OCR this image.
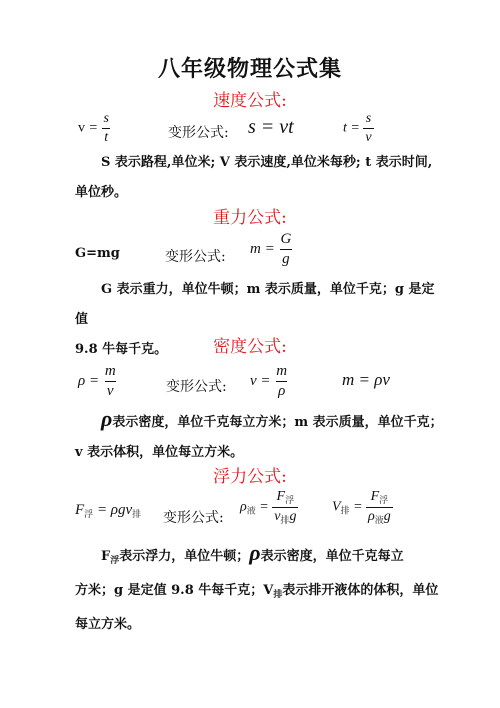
八年级物理公式集
速度公式:
$v = \frac{s}{t}$	变形公式: s = vt	$t = \frac{s}{v}$
S 表示路程,单位米; V 表示速度,单位米每秒; t 表示时间,
单位秒。
重力公式:
G=mg	变形公式:
$m = \frac{G}{g}$
G 表示重力，单位牛顿；m 表示质量，单位千克；g 是定值
9.8 牛每千克。	密度公式:
$\rho = \frac{m}{v}$	变形公式: $v = \frac{m}{\rho}$	m = ρv
ρ表示密度，单位千克每立方米；m 表示质量，单位千克；
v 表示体积，单位每立方米。
浮力公式:
$F_浮 = \rho gv_排$ 变形公式:
$\rho_液 = \frac{F_浮}{v_排g} V_排 = \frac{F_浮}{\rho_液g}$
$F_浮$表示浮力，单位牛顿；ρ表示密度，单位千克每立
方米；g 是定值 9.8 牛每千克；$V_排$表示排开液体的体积，单位
每立方米。
